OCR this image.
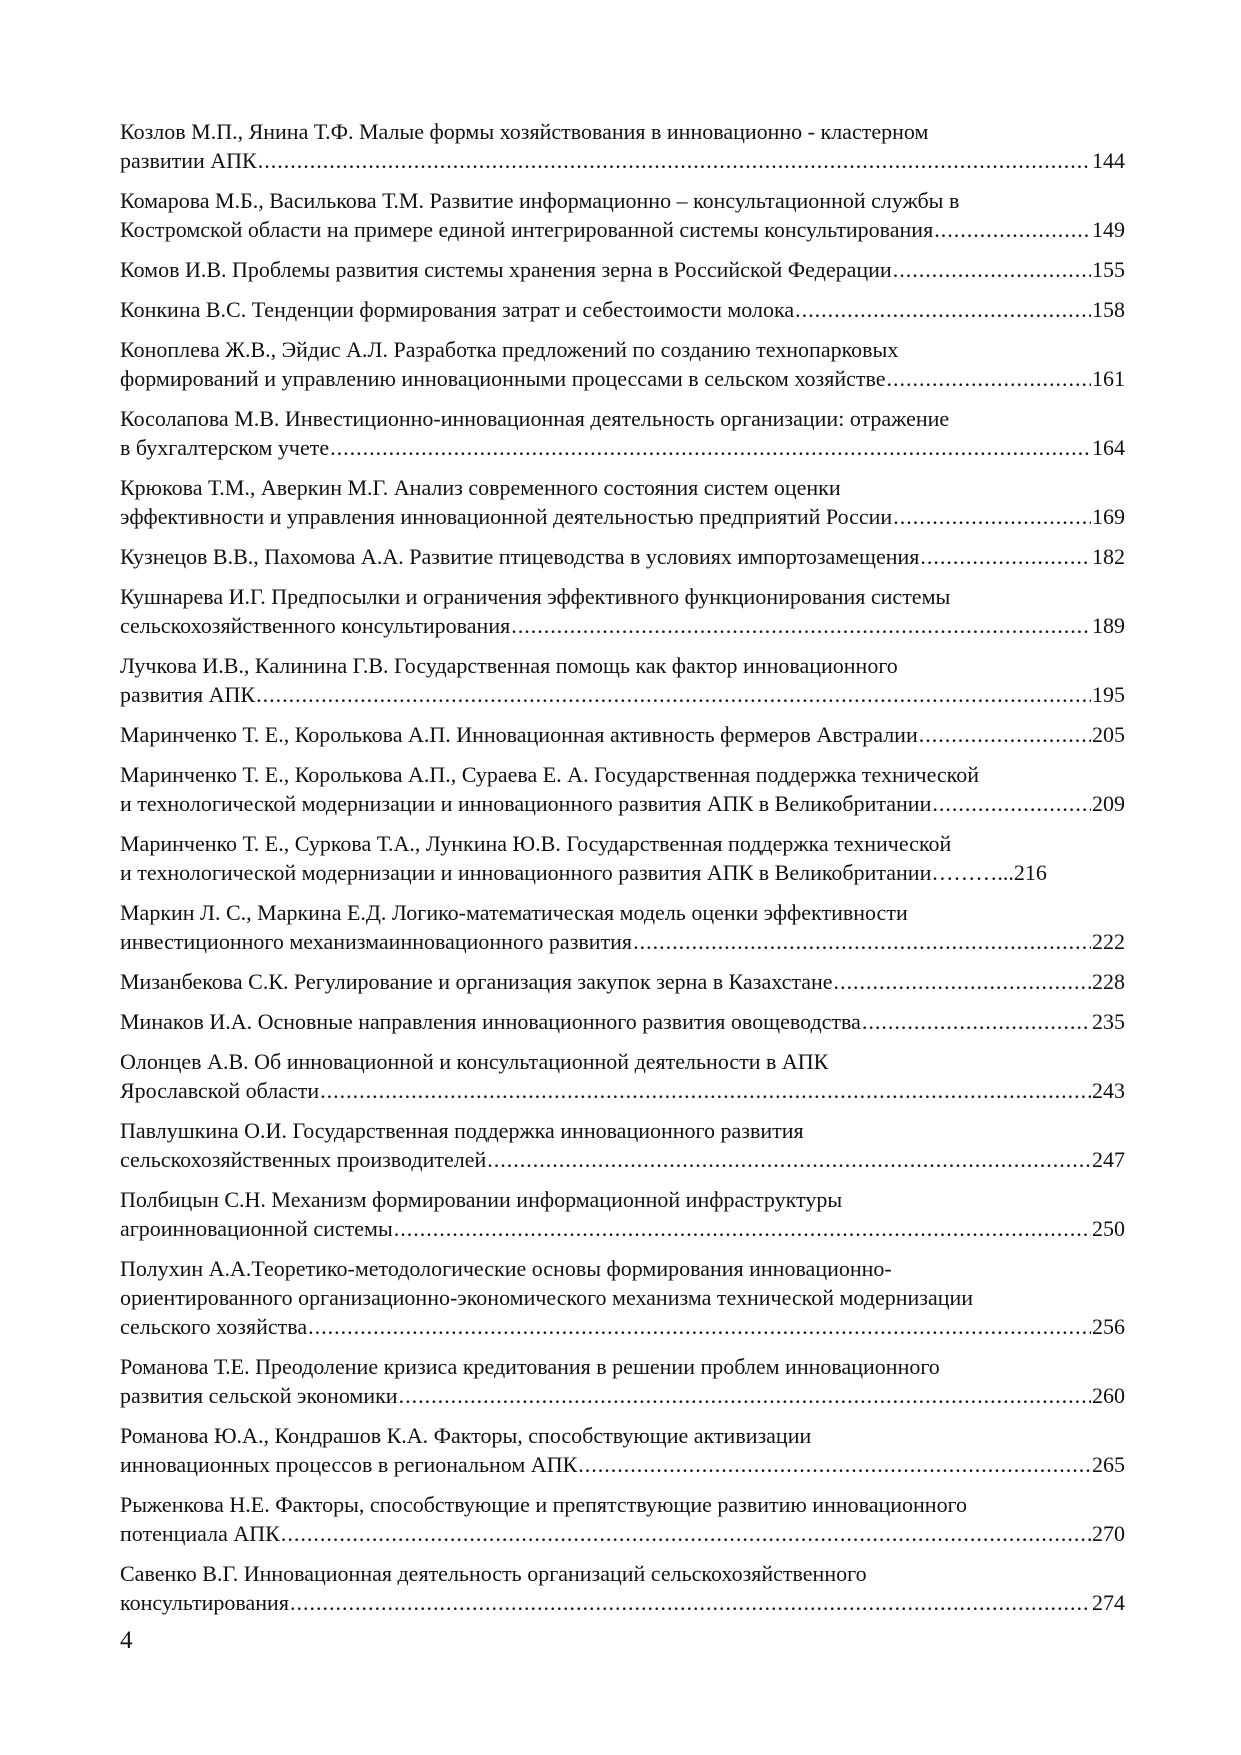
Козлов М.П., Янина Т.Ф. Малые формы хозяйствования в инновационно - кластерном
развитии АПК .....	144
Комарова М.Б., Василькова Т.М. Развитие информационно – консультационной службы в
Костромской области на примере единой интегрированной системы консультирования .....	149
Комов И.В. Проблемы развития системы хранения зерна в Российской Федерации .....	155
Конкина В.С. Тенденции формирования затрат и себестоимости молока .....	158
Коноплева Ж.В., Эйдис А.Л. Разработка предложений по созданию технопарковых
формирований и управлению инновационными процессами в сельском хозяйстве .....	161
Косолапова М.В. Инвестиционно-инновационная деятельность организации: отражение
в бухгалтерском учете .....	164
Крюкова Т.М., Аверкин М.Г. Анализ современного состояния систем оценки
эффективности и управления инновационной деятельностью предприятий России .....	169
Кузнецов В.В., Пахомова А.А. Развитие птицеводства в условиях импортозамещения .....	182
Кушнарева И.Г. Предпосылки и ограничения эффективного функционирования системы
сельскохозяйственного консультирования .....	189
Лучкова И.В., Калинина Г.В. Государственная помощь как фактор инновационного
развития АПК .....	195
Маринченко Т. Е., Королькова А.П. Инновационная активность фермеров Австралии .....	205
Маринченко Т. Е., Королькова А.П., Сураева Е. А. Государственная поддержка технической
и технологической модернизации и инновационного развития АПК в Великобритании .....	209
Маринченко Т. Е., Суркова Т.А., Лункина Ю.В. Государственная поддержка технической
и технологической модернизации и инновационного развития АПК в Великобритании………...216
Маркин Л. С., Маркина Е.Д. Логико-математическая модель оценки эффективности
инвестиционного механизмаинновационного развития .....	222
Мизанбекова С.К. Регулирование и организация закупок зерна в Казахстане .....	228
Минаков И.А. Основные направления инновационного развития овощеводства .....	235
Олонцев А.В. Об инновационной и консультационной деятельности в АПК
Ярославской области .....	243
Павлушкина О.И. Государственная поддержка инновационного развития
сельскохозяйственных производителей .....	247
Полбицын С.Н. Механизм формировании информационной инфраструктуры
агроинновационной системы .....	250
Полухин А.А.Теоретико-методологические основы формирования инновационно-
ориентированного организационно-экономического механизма технической модернизации
сельского хозяйства .....	256
Романова Т.Е. Преодоление кризиса кредитования в решении проблем инновационного
развития сельской экономики .....	260
Романова Ю.А., Кондрашов К.А. Факторы, способствующие активизации
инновационных процессов в региональном АПК .....	265
Рыженкова Н.Е. Факторы, способствующие и препятствующие развитию инновационного
потенциала АПК .....	270
Савенко В.Г. Инновационная деятельность организаций сельскохозяйственного
консультирования .....	274
4
